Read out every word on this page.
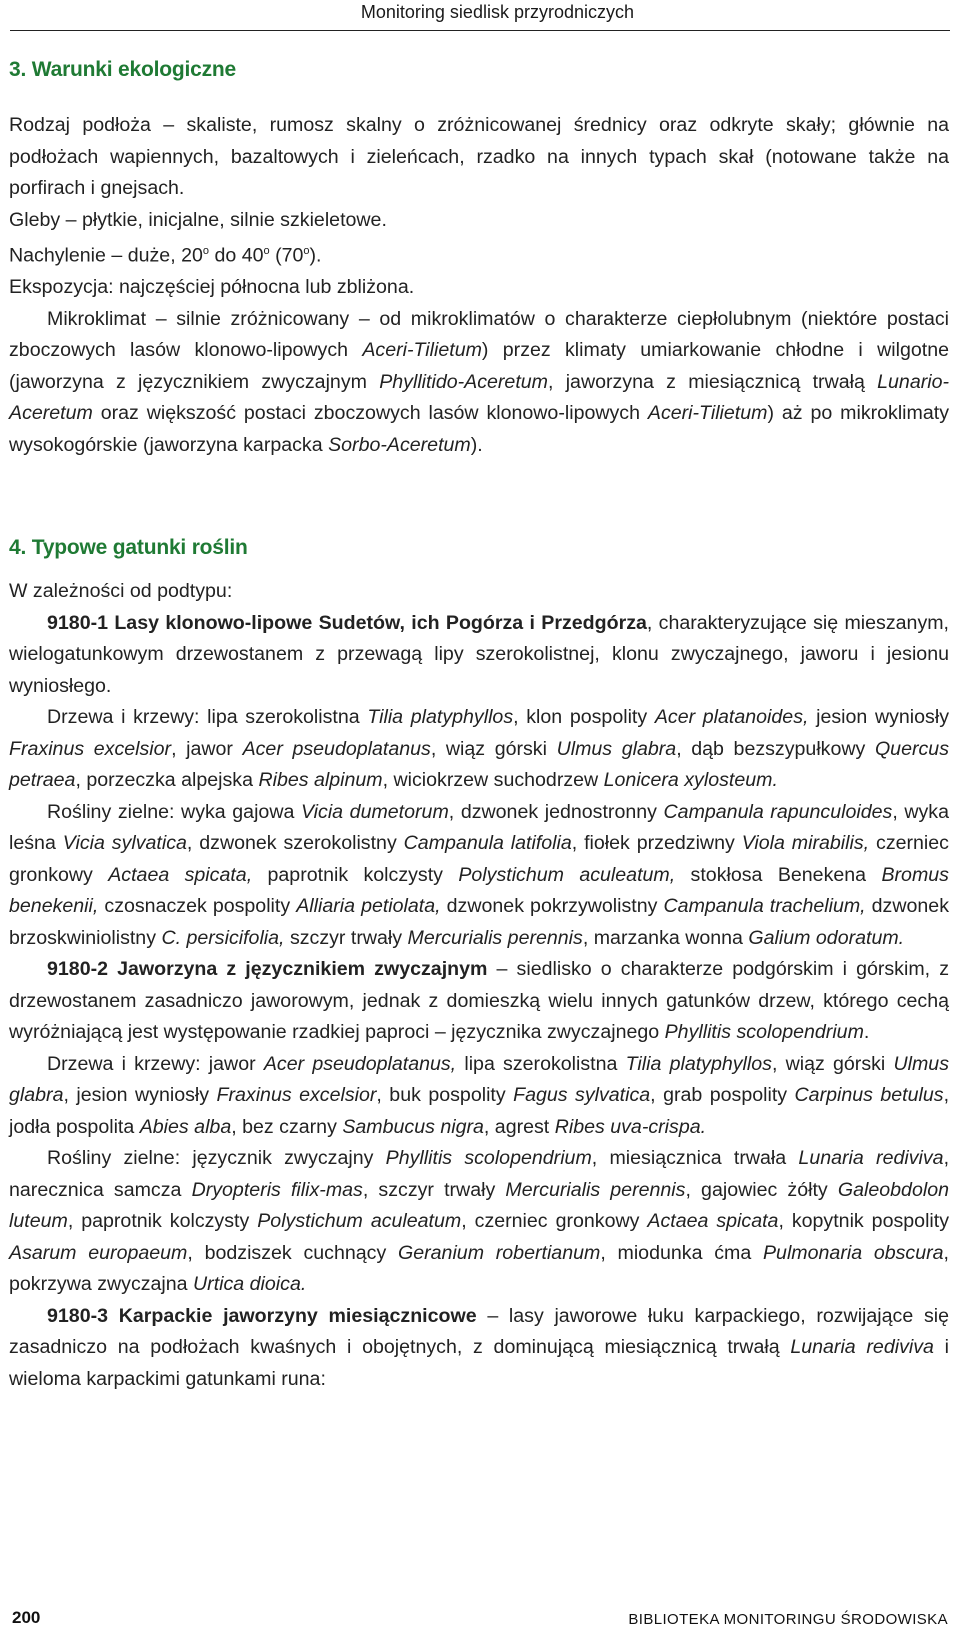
Monitoring siedlisk przyrodniczych
3. Warunki ekologiczne

Rodzaj podłoża – skaliste, rumosz skalny o zróżnicowanej średnicy oraz odkryte skały; głównie na podłożach wapiennych, bazaltowych i zieleńcach, rzadko na innych typach skał (notowane także na porfirach i gnejsach.

Gleby – płytkie, inicjalne, silnie szkieletowe.

Nachylenie – duże, 20$^o$ do 40$^o$ (70$^o$).

Ekspozycja: najczęściej północna lub zbliżona.

Mikroklimat – silnie zróżnicowany – od mikroklimatów o charakterze ciepłolubnym (niektóre postaci zboczowych lasów klonowo-lipowych Aceri-Tilietum) przez klimaty umiarkowanie chłodne i wilgotne (jaworzyna z języcznikiem zwyczajnym Phyllitido-Aceretum, jaworzyna z miesiącznicą trwałą Lunario-Aceretum oraz większość postaci zboczowych lasów klonowo-lipowych Aceri-Tilietum) aż po mikroklimaty wysokogórskie (jaworzyna karpacka Sorbo-Aceretum).

4. Typowe gatunki roślin

W zależności od podtypu:

9180-1 Lasy klonowo-lipowe Sudetów, ich Pogórza i Przedgórza, charakteryzujące się mieszanym, wielogatunkowym drzewostanem z przewagą lipy szerokolistnej, klonu zwyczajnego, jaworu i jesionu wyniosłego.

Drzewa i krzewy: lipa szerokolistna Tilia platyphyllos, klon pospolity Acer platanoides, jesion wyniosły Fraxinus excelsior, jawor Acer pseudoplatanus, wiąz górski Ulmus glabra, dąb bezszypułkowy Quercus petraea, porzeczka alpejska Ribes alpinum, wiciokrzew suchodrzew Lonicera xylosteum.

Rośliny zielne: wyka gajowa Vicia dumetorum, dzwonek jednostronny Campanula rapunculoides, wyka leśna Vicia sylvatica, dzwonek szerokolistny Campanula latifolia, fiołek przedziwny Viola mirabilis, czerniec gronkowy Actaea spicata, paprotnik kolczysty Polystichum aculeatum, stokłosa Benekena Bromus benekenii, czosnaczek pospolity Alliaria petiolata, dzwonek pokrzywolistny Campanula trachelium, dzwonek brzoskwiniolistny C. persicifolia, szczyr trwały Mercurialis perennis, marzanka wonna Galium odoratum.

9180-2 Jaworzyna z języcznikiem zwyczajnym – siedlisko o charakterze podgórskim i górskim, z drzewostanem zasadniczo jaworowym, jednak z domieszką wielu innych gatunków drzew, którego cechą wyróżniającą jest występowanie rzadkiej paproci – języcznika zwyczajnego Phyllitis scolopendrium.

Drzewa i krzewy: jawor Acer pseudoplatanus, lipa szerokolistna Tilia platyphyllos, wiąz górski Ulmus glabra, jesion wyniosły Fraxinus excelsior, buk pospolity Fagus sylvatica, grab pospolity Carpinus betulus, jodła pospolita Abies alba, bez czarny Sambucus nigra, agrest Ribes uva-crispa.

Rośliny zielne: języcznik zwyczajny Phyllitis scolopendrium, miesiącznica trwała Lunaria rediviva, narecznica samcza Dryopteris filix-mas, szczyr trwały Mercurialis perennis, gajowiec żółty Galeobdolon luteum, paprotnik kolczysty Polystichum aculeatum, czerniec gronkowy Actaea spicata, kopytnik pospolity Asarum europaeum, bodziszek cuchnący Geranium robertianum, miodunka ćma Pulmonaria obscura, pokrzywa zwyczajna Urtica dioica.

9180-3 Karpackie jaworzyny miesiącznicowe – lasy jaworowe łuku karpackiego, rozwijające się zasadniczo na podłożach kwaśnych i obojętnych, z dominującą miesiącznicą trwałą Lunaria rediviva i wieloma karpackimi gatunkami runa:

200	BIBLIOTEKA MONITORINGU ŚRODOWISKA
